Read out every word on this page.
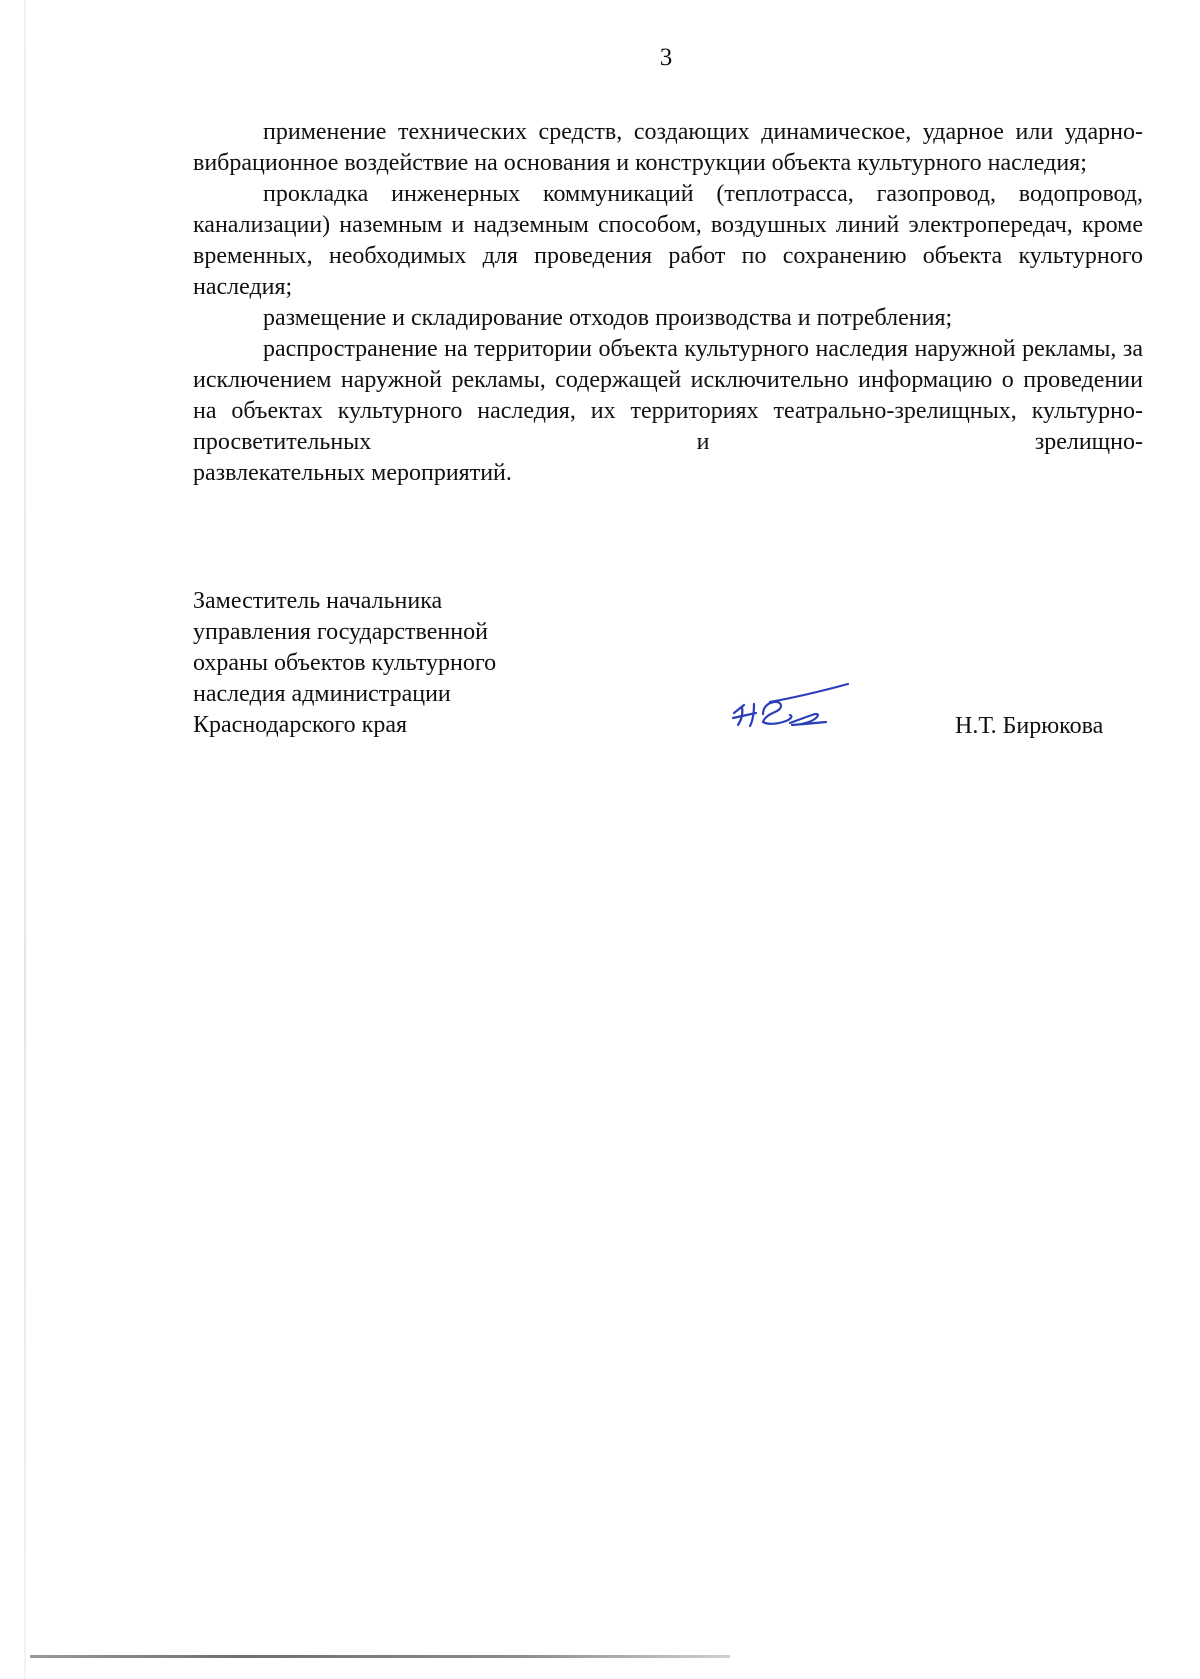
3

применение технических средств, создающих динамическое, ударное или ударно-вибрационное воздействие на основания и конструкции объекта культурного наследия;

прокладка инженерных коммуникаций (теплотрасса, газопровод, водопровод, канализации) наземным и надземным способом, воздушных линий электропередач, кроме временных, необходимых для проведения работ по сохранению объекта культурного наследия;

размещение и складирование отходов производства и потребления;

распространение на территории объекта культурного наследия наружной рекламы, за исключением наружной рекламы, содержащей исключительно информацию о проведении на объектах культурного наследия, их территориях театрально-зрелищных, культурно-просветительных и зрелищно-

развлекательных мероприятий.

Заместитель начальника
управления государственной
охраны объектов культурного
наследия администрации
Краснодарского края	Н.Т. Бирюкова
